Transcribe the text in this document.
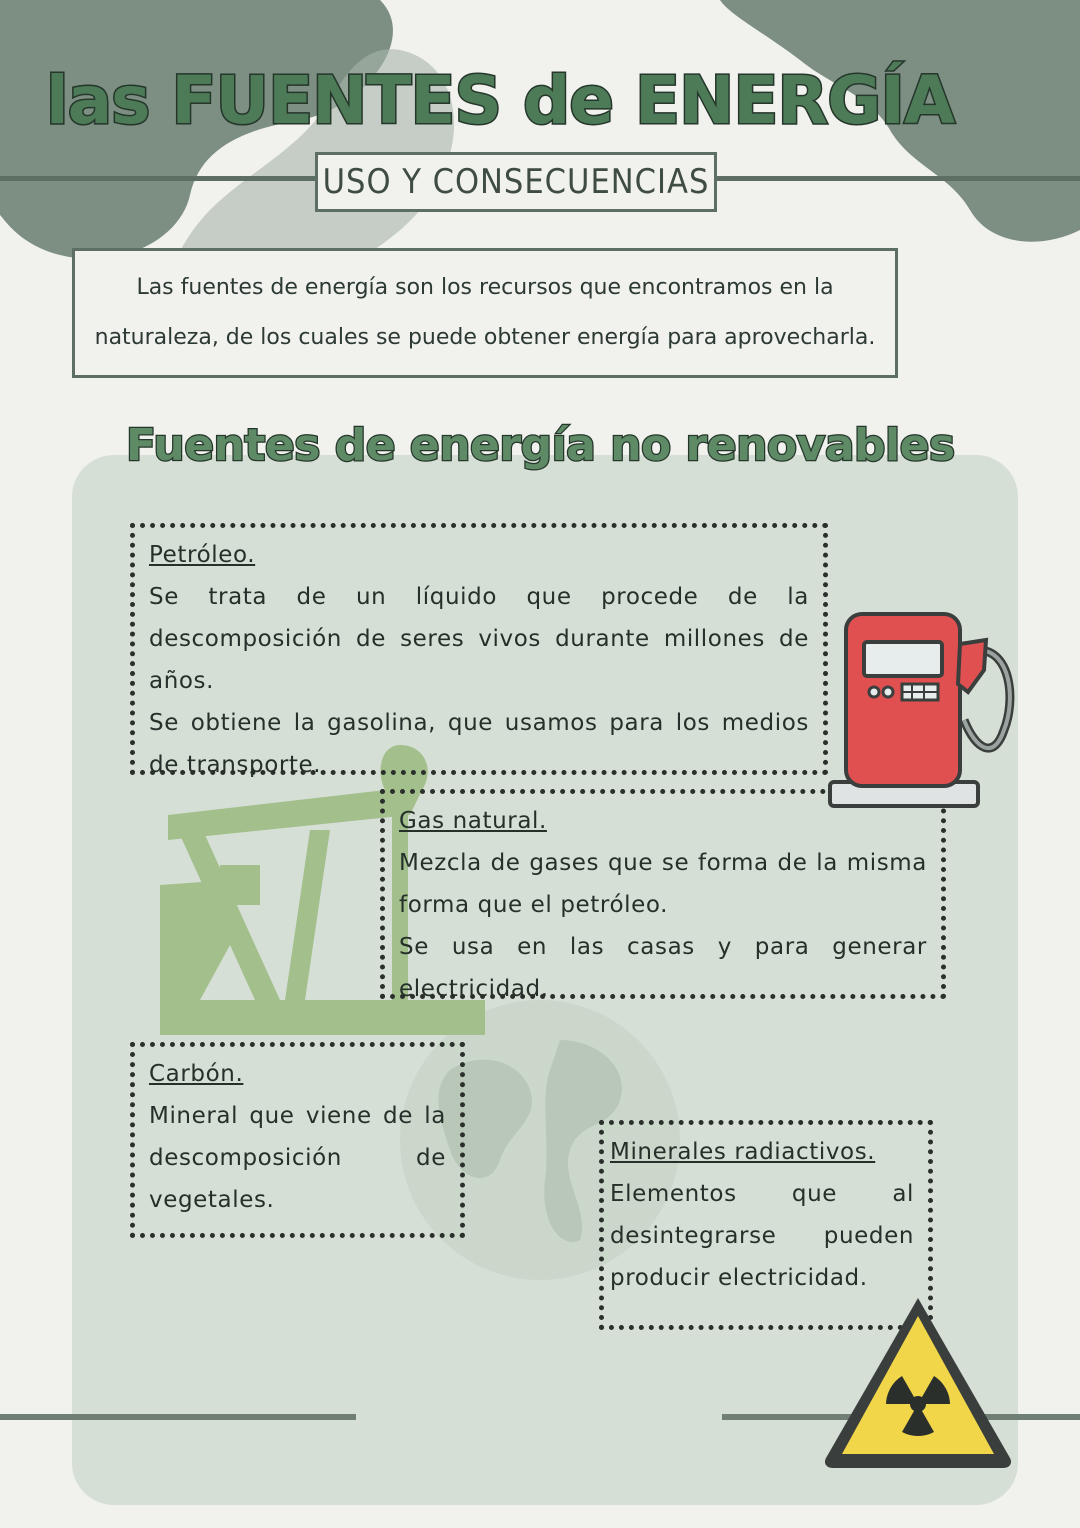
las FUENTES de ENERGÍA
USO Y CONSECUENCIAS
Las fuentes de energía son los recursos que encontramos en la
naturaleza, de los cuales se puede obtener energía para aprovecharla.
Fuentes de energía no renovables
Petróleo.
Se trata de un líquido que procede de la descomposición de seres vivos durante millones de años.
Se obtiene la gasolina, que usamos para los medios de transporte.
Gas natural.
Mezcla de gases que se forma de la misma forma que el petróleo.
Se usa en las casas y para generar electricidad.
Carbón.
Mineral que viene de la descomposición de vegetales.
Minerales radiactivos.
Elementos que al desintegrarse pueden producir electricidad.
